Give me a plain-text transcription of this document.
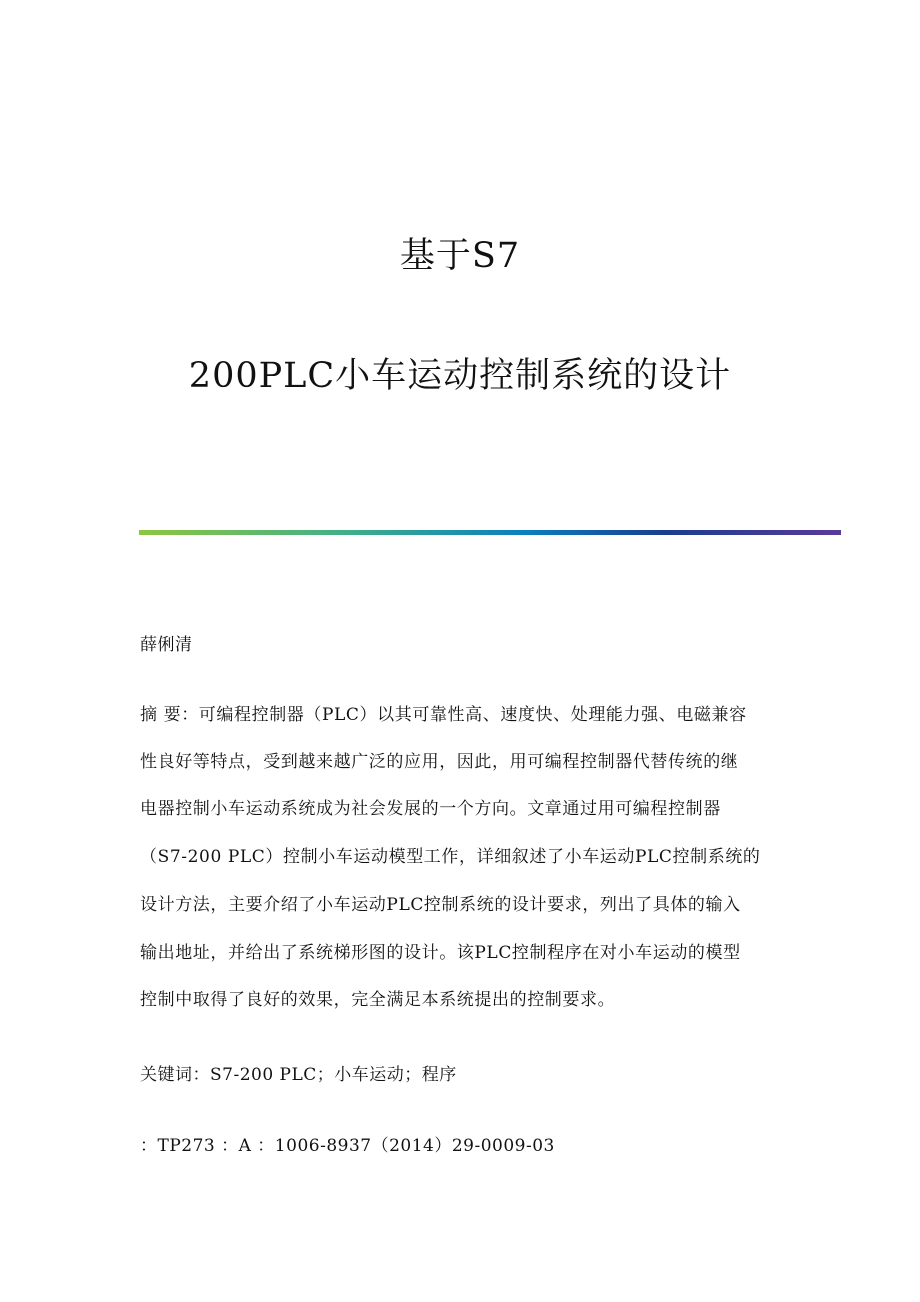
基于S7
200PLC小车运动控制系统的设计
薛俐清
摘 要：可编程控制器（PLC）以其可靠性高、速度快、处理能力强、电磁兼容
性良好等特点，受到越来越广泛的应用，因此，用可编程控制器代替传统的继
电器控制小车运动系统成为社会发展的一个方向。文章通过用可编程控制器
（S7-200 PLC）控制小车运动模型工作，详细叙述了小车运动PLC控制系统的
设计方法，主要介绍了小车运动PLC控制系统的设计要求，列出了具体的输入
输出地址，并给出了系统梯形图的设计。该PLC控制程序在对小车运动的模型
控制中取得了良好的效果，完全满足本系统提出的控制要求。
关键词：S7-200 PLC；小车运动；程序
：TP273 ：A ：1006-8937（2014）29-0009-03
